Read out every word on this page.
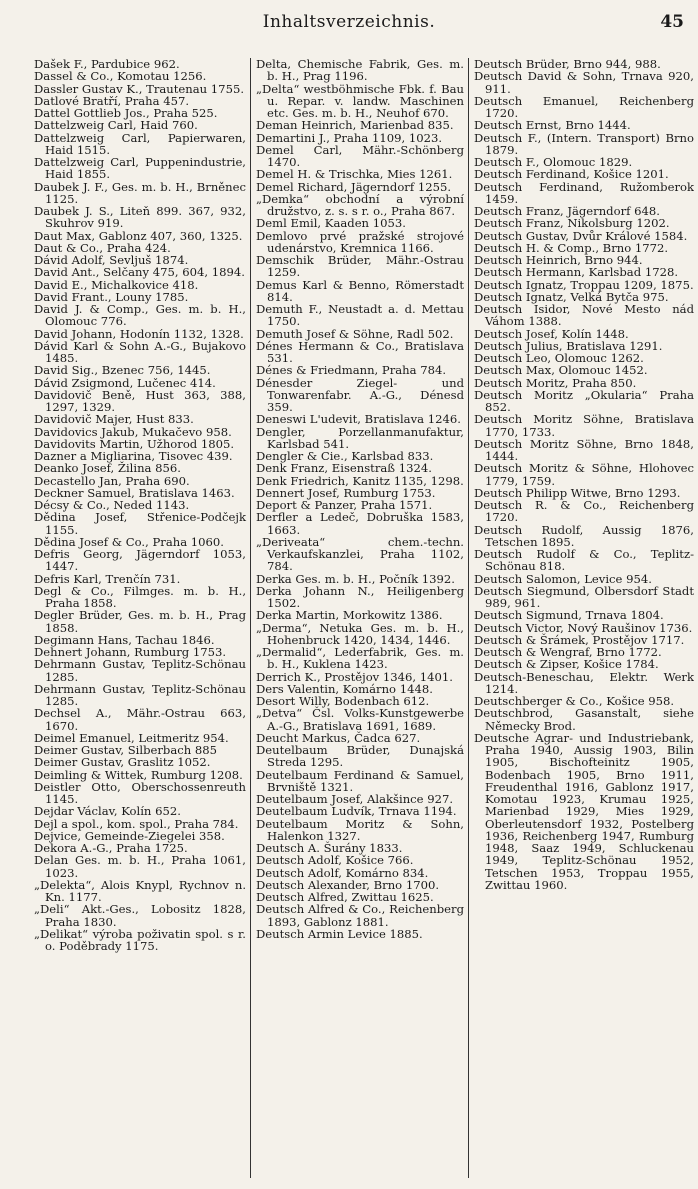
Inhaltsverzeichnis.	45
Dašek F., Pardubice 962.
Dassel & Co., Komotau 1256.
Dassler Gustav K., Trautenau 1755.
Datlové Bratří, Praha 457.
Dattel Gottlieb Jos., Praha 525.
Dattelzweig Carl, Haid 760.
Dattelzweig Carl, Papierwaren, Haid 1515.
Dattelzweig Carl, Puppenindustrie, Haid 1855.
Daubek J. F., Ges. m. b. H., Brněnec 1125.
Daubek J. S., Liteň 899. 367, 932, Skuhrov 919.
Daut Max, Gablonz 407, 360, 1325.
Daut & Co., Praha 424.
Dávid Adolf, Sevljuš 1874.
David Ant., Selčany 475, 604, 1894.
David E., Michalkovice 418.
David Frant., Louny 1785.
David J. & Comp., Ges. m. b. H., Olomouc 776.
David Johann, Hodonín 1132, 1328.
Dávid Karl & Sohn A.-G., Bujakovo 1485.
David Sig., Bzenec 756, 1445.
Dávid Zsigmond, Lučenec 414.
Davidovič Beně, Hust 363, 388, 1297, 1329.
Davidovič Majer, Hust 833.
Davidovics Jakub, Mukačevo 958.
Davidovits Martin, Užhorod 1805.
Dazner a Migliarina, Tisovec 439.
Deanko Josef, Žilina 856.
Decastello Jan, Praha 690.
Deckner Samuel, Bratislava 1463.
Décsy & Co., Neded 1143.
Dědina Josef, Střenice-Podčejk 1155.
Dědina Josef & Co., Praha 1060.
Defris Georg, Jägerndorf 1053, 1447.
Defris Karl, Trenčín 731.
Degl & Co., Filmges. m. b. H., Praha 1858.
Degler Brüder, Ges. m. b. H., Prag 1858.
Degimann Hans, Tachau 1846.
Dehnert Johann, Rumburg 1753.
Dehrmann Gustav, Teplitz-Schönau 1285.
Dehrmann Gustav, Teplitz-Schönau 1285.
Dechsel A., Mähr.-Ostrau 663, 1670.
Deimel Emanuel, Leitmeritz 954.
Deimer Gustav, Silberbach 885
Deimer Gustav, Graslitz 1052.
Deimling & Wittek, Rumburg 1208.
Deistler Otto, Oberschossenreuth 1145.
Dejdar Václav, Kolín 652.
Dejl a spol., kom. spol., Praha 784.
Dejvice, Gemeinde-Ziegelei 358.
Dekora A.-G., Praha 1725.
Delan Ges. m. b. H., Praha 1061, 1023.
„Delekta“, Alois Knypl, Rychnov n. Kn. 1177.
„Deli“ Akt.-Ges., Lobositz 1828, Praha 1830.
„Delikat“ výroba poživatin spol. s r. o. Poděbrady 1175.
Delta, Chemische Fabrik, Ges. m. b. H., Prag 1196.
„Delta“ westböhmische Fbk. f. Bau u. Repar. v. landw. Maschinen etc. Ges. m. b. H., Neuhof 670.
Deman Heinrich, Marienbad 835.
Demartini J., Praha 1109, 1023.
Demel Carl, Mähr.-Schönberg 1470.
Demel H. & Trischka, Mies 1261.
Demel Richard, Jägerndorf 1255.
„Demka“ obchodní a výrobní družstvo, z. s. s r. o., Praha 867.
Deml Emil, Kaaden 1053.
Demlovo prvé pražské strojové udenárstvo, Kremnica 1166.
Demschik Brüder, Mähr.-Ostrau 1259.
Demus Karl & Benno, Römerstadt 814.
Demuth F., Neustadt a. d. Mettau 1750.
Demuth Josef & Söhne, Radl 502.
Dénes Hermann & Co., Bratislava 531.
Dénes & Friedmann, Praha 784.
Dénesder Ziegel- und Tonwarenfabr. A.-G., Dénesd 359.
Deneswi L'udevit, Bratislava 1246.
Dengler, Porzellanmanufaktur, Karlsbad 541.
Dengler & Cie., Karlsbad 833.
Denk Franz, Eisenstraß 1324.
Denk Friedrich, Kanitz 1135, 1298.
Dennert Josef, Rumburg 1753.
Deport & Panzer, Praha 1571.
Derfler a Ledeč, Dobruška 1583, 1663.
„Deriveata“ chem.-techn. Verkaufskanzlei, Praha 1102, 784.
Derka Ges. m. b. H., Počník 1392.
Derka Johann N., Heiligenberg 1502.
Derka Martin, Morkowitz 1386.
„Derma“, Netuka Ges. m. b. H., Hohenbruck 1420, 1434, 1446.
„Dermalid“, Lederfabrik, Ges. m. b. H., Kuklena 1423.
Derrich K., Prostějov 1346, 1401.
Ders Valentin, Komárno 1448.
Desort Willy, Bodenbach 612.
„Detva“ Čsl. Volks-Kunstgewerbe A.-G., Bratislava 1691, 1689.
Deucht Markus, Čadca 627.
Deutelbaum Brüder, Dunajská Streda 1295.
Deutelbaum Ferdinand & Samuel, Brvniště 1321.
Deutelbaum Josef, Alakšince 927.
Deutelbaum Ludvík, Trnava 1194.
Deutelbaum Moritz & Sohn, Halenkon 1327.
Deutsch A. Šurány 1833.
Deutsch Adolf, Košice 766.
Deutsch Adolf, Komárno 834.
Deutsch Alexander, Brno 1700.
Deutsch Alfred, Zwittau 1625.
Deutsch Alfred & Co., Reichenberg 1893, Gablonz 1881.
Deutsch Armin Levice 1885.
Deutsch Brüder, Brno 944, 988.
Deutsch David & Sohn, Trnava 920, 911.
Deutsch Emanuel, Reichenberg 1720.
Deutsch Ernst, Brno 1444.
Deutsch F., (Intern. Transport) Brno 1879.
Deutsch F., Olomouc 1829.
Deutsch Ferdinand, Košice 1201.
Deutsch Ferdinand, Ružomberok 1459.
Deutsch Franz, Jägerndorf 648.
Deutsch Franz, Nikolsburg 1202.
Deutsch Gustav, Dvůr Králové 1584.
Deutsch H. & Comp., Brno 1772.
Deutsch Heinrich, Brno 944.
Deutsch Hermann, Karlsbad 1728.
Deutsch Ignatz, Troppau 1209, 1875.
Deutsch Ignatz, Velká Bytča 975.
Deutsch Isidor, Nové Mesto nád Váhom 1388.
Deutsch Josef, Kolín 1448.
Deutsch Julius, Bratislava 1291.
Deutsch Leo, Olomouc 1262.
Deutsch Max, Olomouc 1452.
Deutsch Moritz, Praha 850.
Deutsch Moritz „Okularia“ Praha 852.
Deutsch Moritz Söhne, Bratislava 1770, 1733.
Deutsch Moritz Söhne, Brno 1848, 1444.
Deutsch Moritz & Söhne, Hlohovec 1779, 1759.
Deutsch Philipp Witwe, Brno 1293.
Deutsch R. & Co., Reichenberg 1720.
Deutsch Rudolf, Aussig 1876, Tetschen 1895.
Deutsch Rudolf & Co., Teplitz-Schönau 818.
Deutsch Salomon, Levice 954.
Deutsch Siegmund, Olbersdorf Stadt 989, 961.
Deutsch Sigmund, Trnava 1804.
Deutsch Victor, Nový Raušinov 1736.
Deutsch & Šrámek, Prostějov 1717.
Deutsch & Wengraf, Brno 1772.
Deutsch & Zipser, Košice 1784.
Deutsch-Beneschau, Elektr. Werk 1214.
Deutschberger & Co., Košice 958.
Deutschbrod, Gasanstalt, siehe Německy Brod.
Deutsche Agrar- und Industriebank, Praha 1940, Aussig 1903, Bilin 1905, Bischofteinitz 1905, Bodenbach 1905, Brno 1911, Freudenthal 1916, Gablonz 1917, Komotau 1923, Krumau 1925, Marienbad 1929, Mies 1929, Oberleutensdorf 1932, Postelberg 1936, Reichenberg 1947, Rumburg 1948, Saaz 1949, Schluckenau 1949, Teplitz-Schönau 1952, Tetschen 1953, Troppau 1955, Zwittau 1960.
